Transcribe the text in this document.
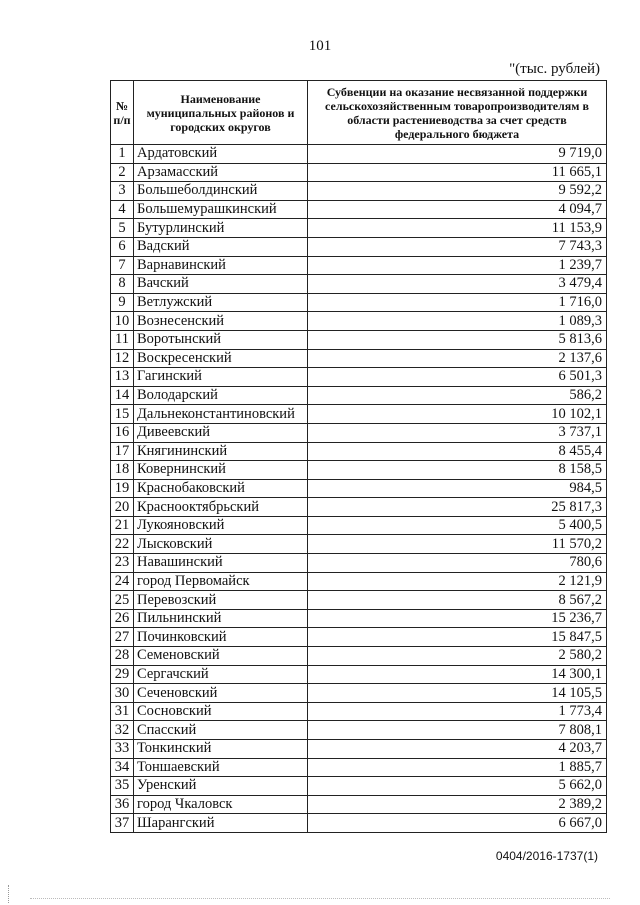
101
"(тыс. рублей)
№ п/п	Наименование муниципальных районов и городских округов	Субвенции на оказание несвязанной поддержки сельскохозяйственным товаропроизводителям в области растениеводства за счет средств федерального бюджета
1	Ардатовский	9 719,0
2	Арзамасский	11 665,1
3	Большеболдинский	9 592,2
4	Большемурашкинский	4 094,7
5	Бутурлинский	11 153,9
6	Вадский	7 743,3
7	Варнавинский	1 239,7
8	Вачский	3 479,4
9	Ветлужский	1 716,0
10	Вознесенский	1 089,3
11	Воротынский	5 813,6
12	Воскресенский	2 137,6
13	Гагинский	6 501,3
14	Володарский	586,2
15	Дальнеконстантиновский	10 102,1
16	Дивеевский	3 737,1
17	Княгининский	8 455,4
18	Ковернинский	8 158,5
19	Краснобаковский	984,5
20	Краснооктябрьский	25 817,3
21	Лукояновский	5 400,5
22	Лысковский	11 570,2
23	Навашинский	780,6
24	город Первомайск	2 121,9
25	Перевозский	8 567,2
26	Пильнинский	15 236,7
27	Починковский	15 847,5
28	Семеновский	2 580,2
29	Сергачский	14 300,1
30	Сеченовский	14 105,5
31	Сосновский	1 773,4
32	Спасский	7 808,1
33	Тонкинский	4 203,7
34	Тоншаевский	1 885,7
35	Уренский	5 662,0
36	город Чкаловск	2 389,2
37	Шарангский	6 667,0
0404/2016-1737(1)
